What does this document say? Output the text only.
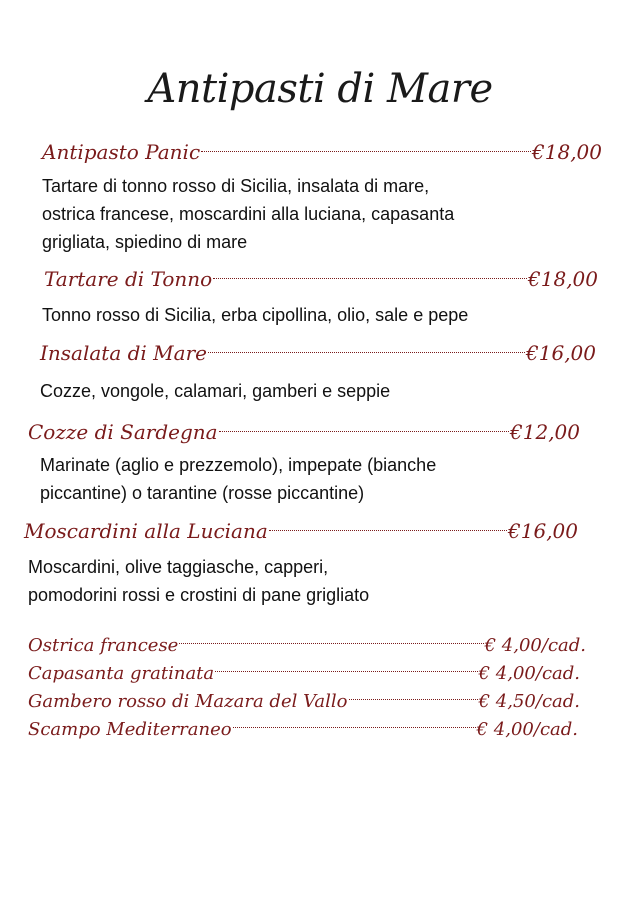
Antipasti di Mare
Antipasto Panic	€18,00
Tartare di tonno rosso di Sicilia, insalata di mare,
ostrica francese, moscardini alla luciana, capasanta
grigliata, spiedino di mare
Tartare di Tonno	€18,00
Tonno rosso di Sicilia, erba cipollina, olio, sale e pepe
Insalata di Mare	€16,00
Cozze, vongole, calamari, gamberi e seppie
Cozze di Sardegna	€12,00
Marinate (aglio e prezzemolo), impepate (bianche
piccantine) o tarantine (rosse piccantine)
Moscardini alla Luciana	€16,00
Moscardini, olive taggiasche, capperi,
pomodorini rossi e crostini di pane grigliato
Ostrica francese	€ 4,00/cad.
Capasanta gratinata	€ 4,00/cad.
Gambero rosso di Mazara del Vallo	€ 4,50/cad.
Scampo Mediterraneo	€ 4,00/cad.
